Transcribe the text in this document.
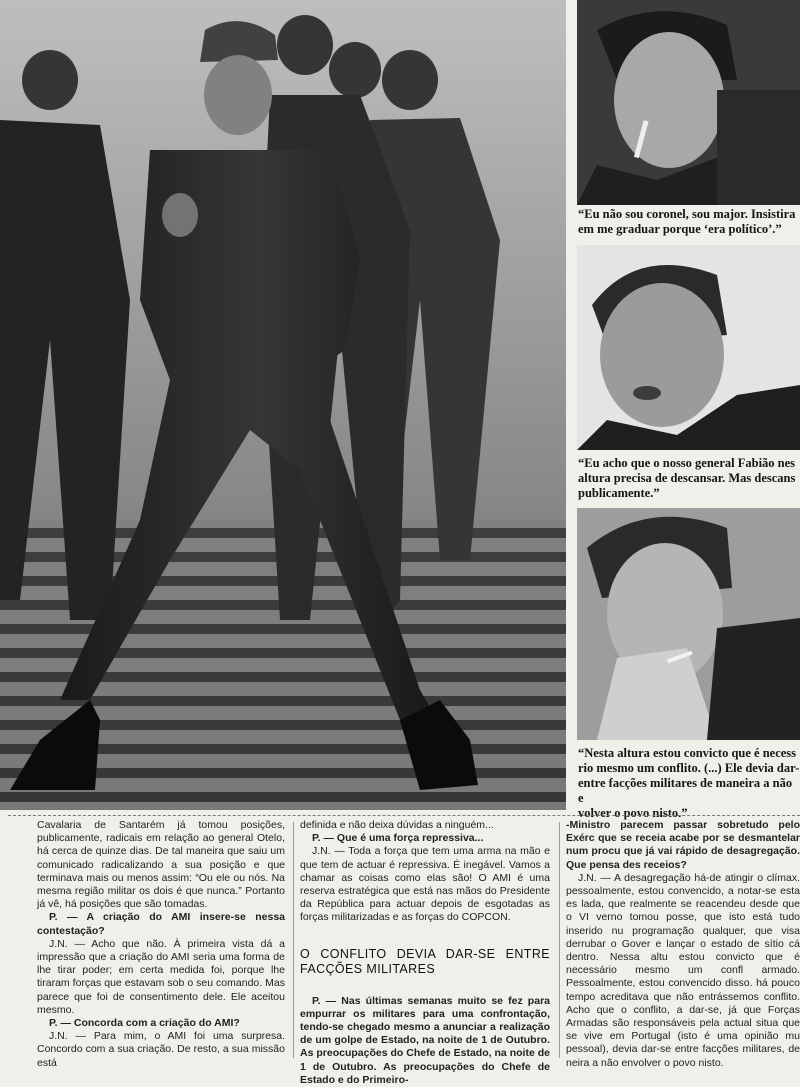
“Eu não sou coronel, sou major. Insistira
em me graduar porque ‘era político’.”
“Eu acho que o nosso general Fabião nes
altura precisa de descansar. Mas descans
publicamente.”
“Nesta altura estou convicto que é necess
rio mesmo um conflito. (...) Ele devia dar-
entre facções militares de maneira a não e
volver o povo nisto.”

Cavalaria de Santarém já tomou posições, publicamente, radicais em relação ao general Otelo, há cerca de quinze dias. De tal maneira que saiu um comunicado radicalizando a sua posição e que terminava mais ou menos assim: “Ou ele ou nós. Na mesma região militar os dois é que nunca.” Portanto já vê, há posições que são tomadas.

P. — A criação do AMI insere-se nessa contestação?

J.N. — Acho que não. À primeira vista dá a impressão que a criação do AMI seria uma forma de lhe tirar poder; em certa medida foi, porque lhe tiraram forças que estavam sob o seu comando. Mas parece que foi de consentimento dele. Ele aceitou mesmo.

P. — Concorda com a criação do AMI?

J.N. — Para mim, o AMI foi uma surpresa. Concordo com a sua criação. De resto, a sua missão está

definida e não deixa dúvidas a ninguém...

P. — Que é uma força repressiva...

J.N. — Toda a força que tem uma arma na mão e que tem de actuar é repressiva. É inegável. Vamos a chamar as coisas como elas são! O AMI é uma reserva estratégica que está nas mãos do Presidente da República para actuar depois de esgotadas as forças militarizadas e as forças do COPCON.

O CONFLITO DEVIA DAR-SE ENTRE FACÇÕES MILITARES

P. — Nas últimas semanas muito se fez para empurrar os militares para uma confrontação, tendo-se chegado mesmo a anunciar a realização de um golpe de Estado, na noite de 1 de Outubro. As preocupações do Chefe de Estado, na noite de 1 de Outubro. As preocupações do Chefe de Estado e do Primeiro-

-Ministro parecem passar sobretudo pelo Exérc que se receia acabe por se desmantelar num procu que já vai rápido de desagregação. Que pensa des receios?

J.N. — A desagregação há-de atingir o clímax. pessoalmente, estou convencido, a notar-se esta es lada, que realmente se reacendeu desde que o VI verno tomou posse, que isto está tudo inserido nu programação qualquer, que visa derrubar o Gover e lançar o estado de sítio cá dentro. Nessa altu estou convicto que é necessário mesmo um confl armado. Pessoalmente, estou convencido disso. há pouco tempo acreditava que não entrássemos conflito. Acho que o conflito, a dar-se, já que Forças Armadas são responsáveis pela actual situa que se vive em Portugal (isto é uma opinião mu pessoal), devia dar-se entre facções militares, de neira a não envolver o povo nisto.
